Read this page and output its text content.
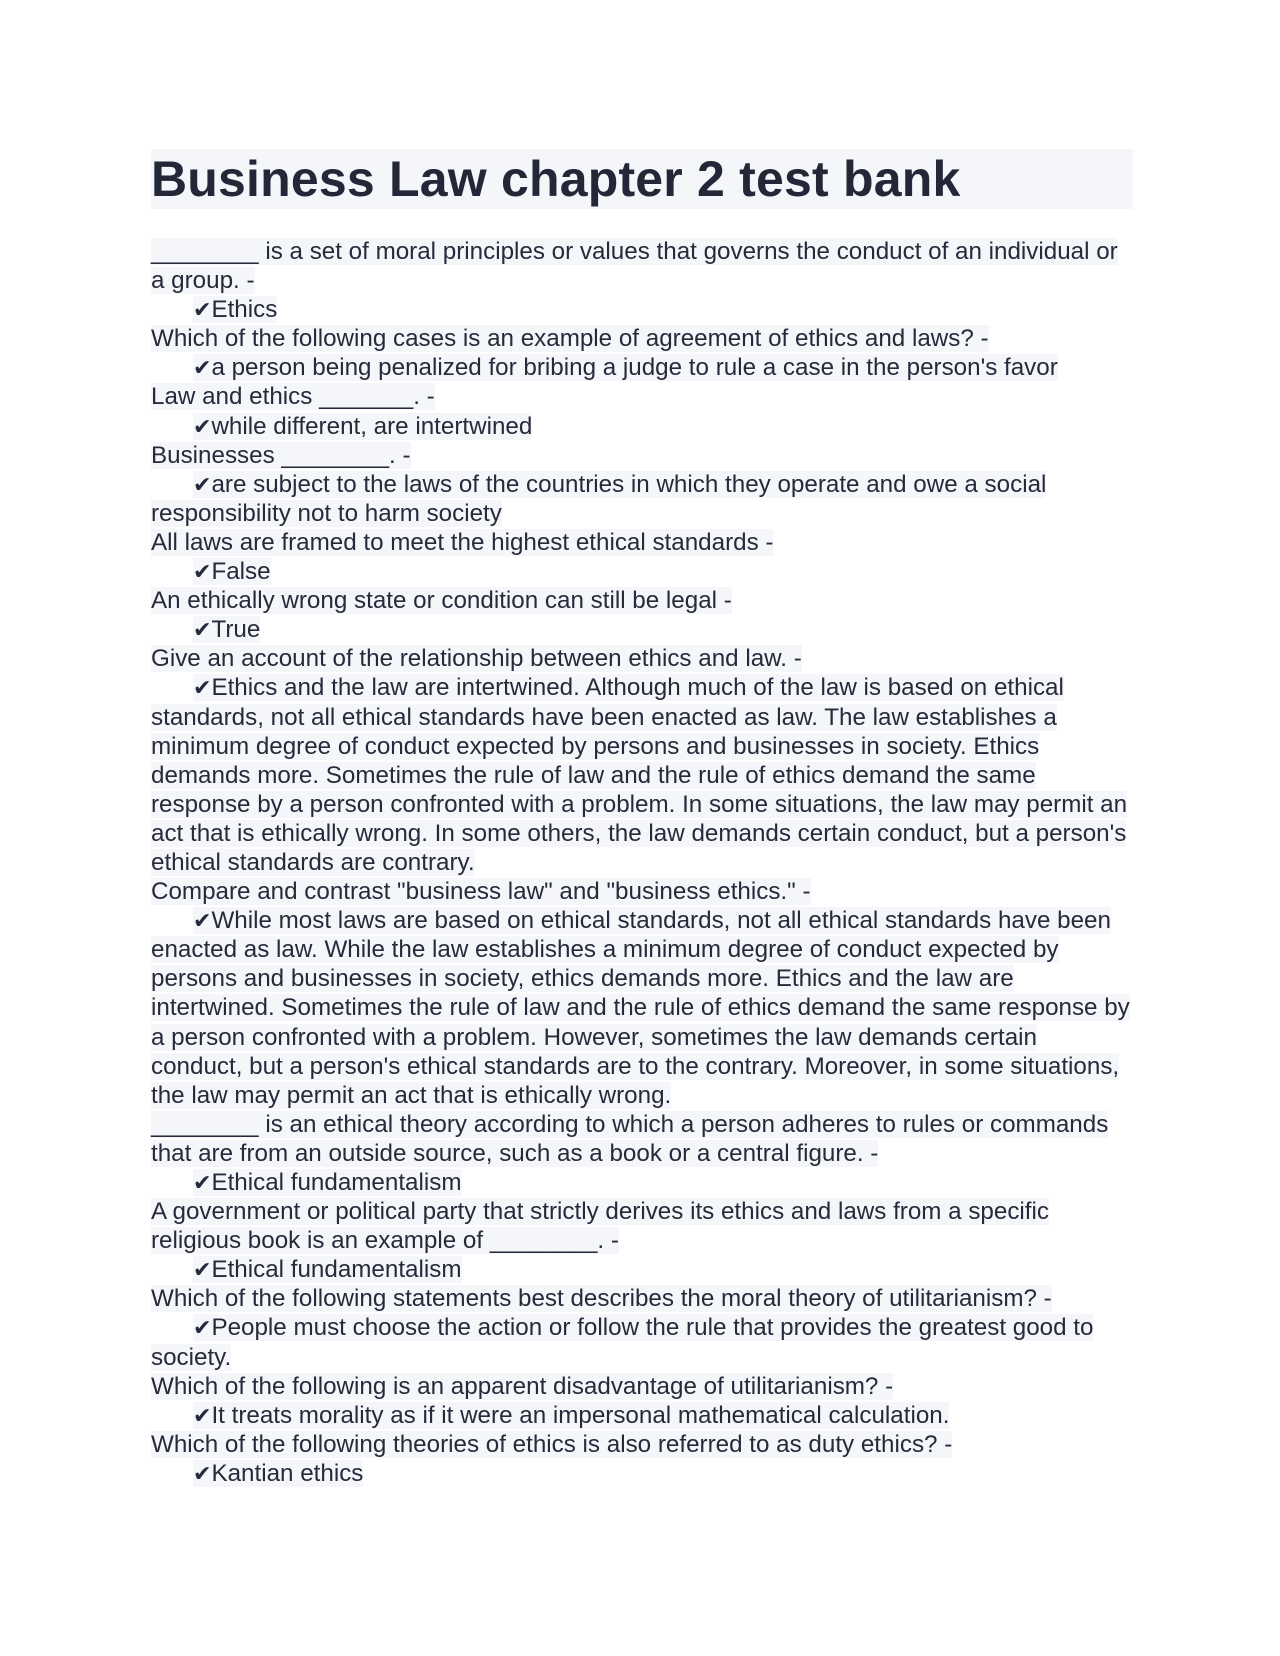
Business Law chapter 2 test bank
________ is a set of moral principles or values that governs the conduct of an individual or a group. -
✔Ethics
Which of the following cases is an example of agreement of ethics and laws? -
✔a person being penalized for bribing a judge to rule a case in the person's favor
Law and ethics _______. -
✔while different, are intertwined
Businesses ________. -
✔are subject to the laws of the countries in which they operate and owe a social responsibility not to harm society
All laws are framed to meet the highest ethical standards -
✔False
An ethically wrong state or condition can still be legal -
✔True
Give an account of the relationship between ethics and law. -
✔Ethics and the law are intertwined. Although much of the law is based on ethical standards, not all ethical standards have been enacted as law. The law establishes a minimum degree of conduct expected by persons and businesses in society. Ethics demands more. Sometimes the rule of law and the rule of ethics demand the same response by a person confronted with a problem. In some situations, the law may permit an act that is ethically wrong. In some others, the law demands certain conduct, but a person's ethical standards are contrary.
Compare and contrast "business law" and "business ethics." -
✔While most laws are based on ethical standards, not all ethical standards have been enacted as law. While the law establishes a minimum degree of conduct expected by persons and businesses in society, ethics demands more. Ethics and the law are intertwined. Sometimes the rule of law and the rule of ethics demand the same response by a person confronted with a problem. However, sometimes the law demands certain conduct, but a person's ethical standards are to the contrary. Moreover, in some situations, the law may permit an act that is ethically wrong.
________ is an ethical theory according to which a person adheres to rules or commands that are from an outside source, such as a book or a central figure. -
✔Ethical fundamentalism
A government or political party that strictly derives its ethics and laws from a specific religious book is an example of ________. -
✔Ethical fundamentalism
Which of the following statements best describes the moral theory of utilitarianism? -
✔People must choose the action or follow the rule that provides the greatest good to society.
Which of the following is an apparent disadvantage of utilitarianism? -
✔It treats morality as if it were an impersonal mathematical calculation.
Which of the following theories of ethics is also referred to as duty ethics? -
✔Kantian ethics
